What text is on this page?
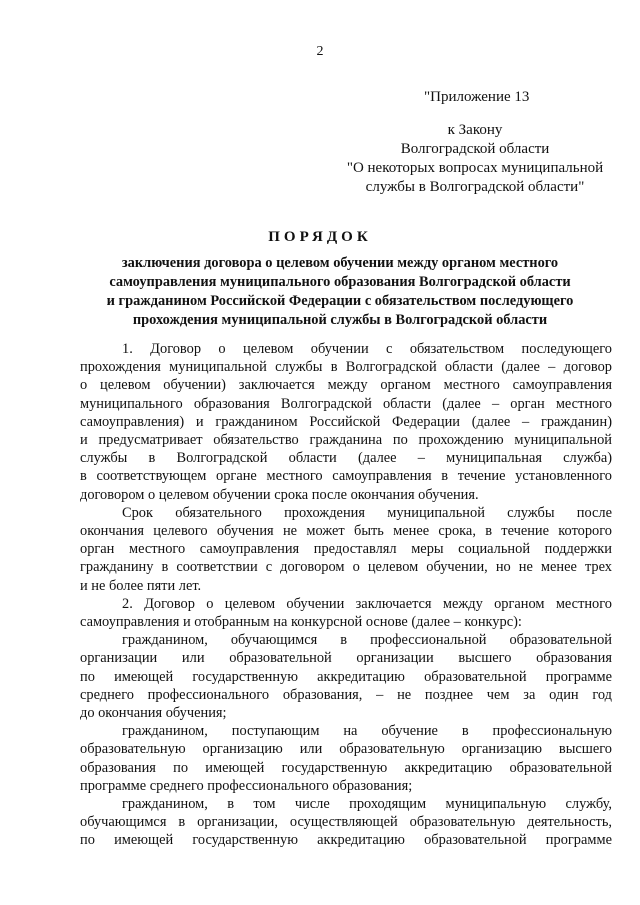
2
"Приложение 13
к Закону
Волгоградской области
"О некоторых вопросах муниципальной
службы в Волгоградской области"
ПОРЯДОК
заключения договора о целевом обучении между органом местного
самоуправления муниципального образования Волгоградской области
и гражданином Российской Федерации с обязательством последующего
прохождения муниципальной службы в Волгоградской области
1. Договор о целевом обучении с обязательством последующего
прохождения муниципальной службы в Волгоградской области (далее – договор
о целевом обучении) заключается между органом местного самоуправления
муниципального образования Волгоградской области (далее – орган местного
самоуправления) и гражданином Российской Федерации (далее – гражданин)
и предусматривает обязательство гражданина по прохождению муниципальной
службы в Волгоградской области (далее – муниципальная служба)
в соответствующем органе местного самоуправления в течение установленного
договором о целевом обучении срока после окончания обучения.
Срок обязательного прохождения муниципальной службы после
окончания целевого обучения не может быть менее срока, в течение которого
орган местного самоуправления предоставлял меры социальной поддержки
гражданину в соответствии с договором о целевом обучении, но не менее трех
и не более пяти лет.
2. Договор о целевом обучении заключается между органом местного
самоуправления и отобранным на конкурсной основе (далее – конкурс):
гражданином, обучающимся в профессиональной образовательной
организации или образовательной организации высшего образования
по имеющей государственную аккредитацию образовательной программе
среднего профессионального образования, – не позднее чем за один год
до окончания обучения;
гражданином, поступающим на обучение в профессиональную
образовательную организацию или образовательную организацию высшего
образования по имеющей государственную аккредитацию образовательной
программе среднего профессионального образования;
гражданином, в том числе проходящим муниципальную службу,
обучающимся в организации, осуществляющей образовательную деятельность,
по имеющей государственную аккредитацию образовательной программе
